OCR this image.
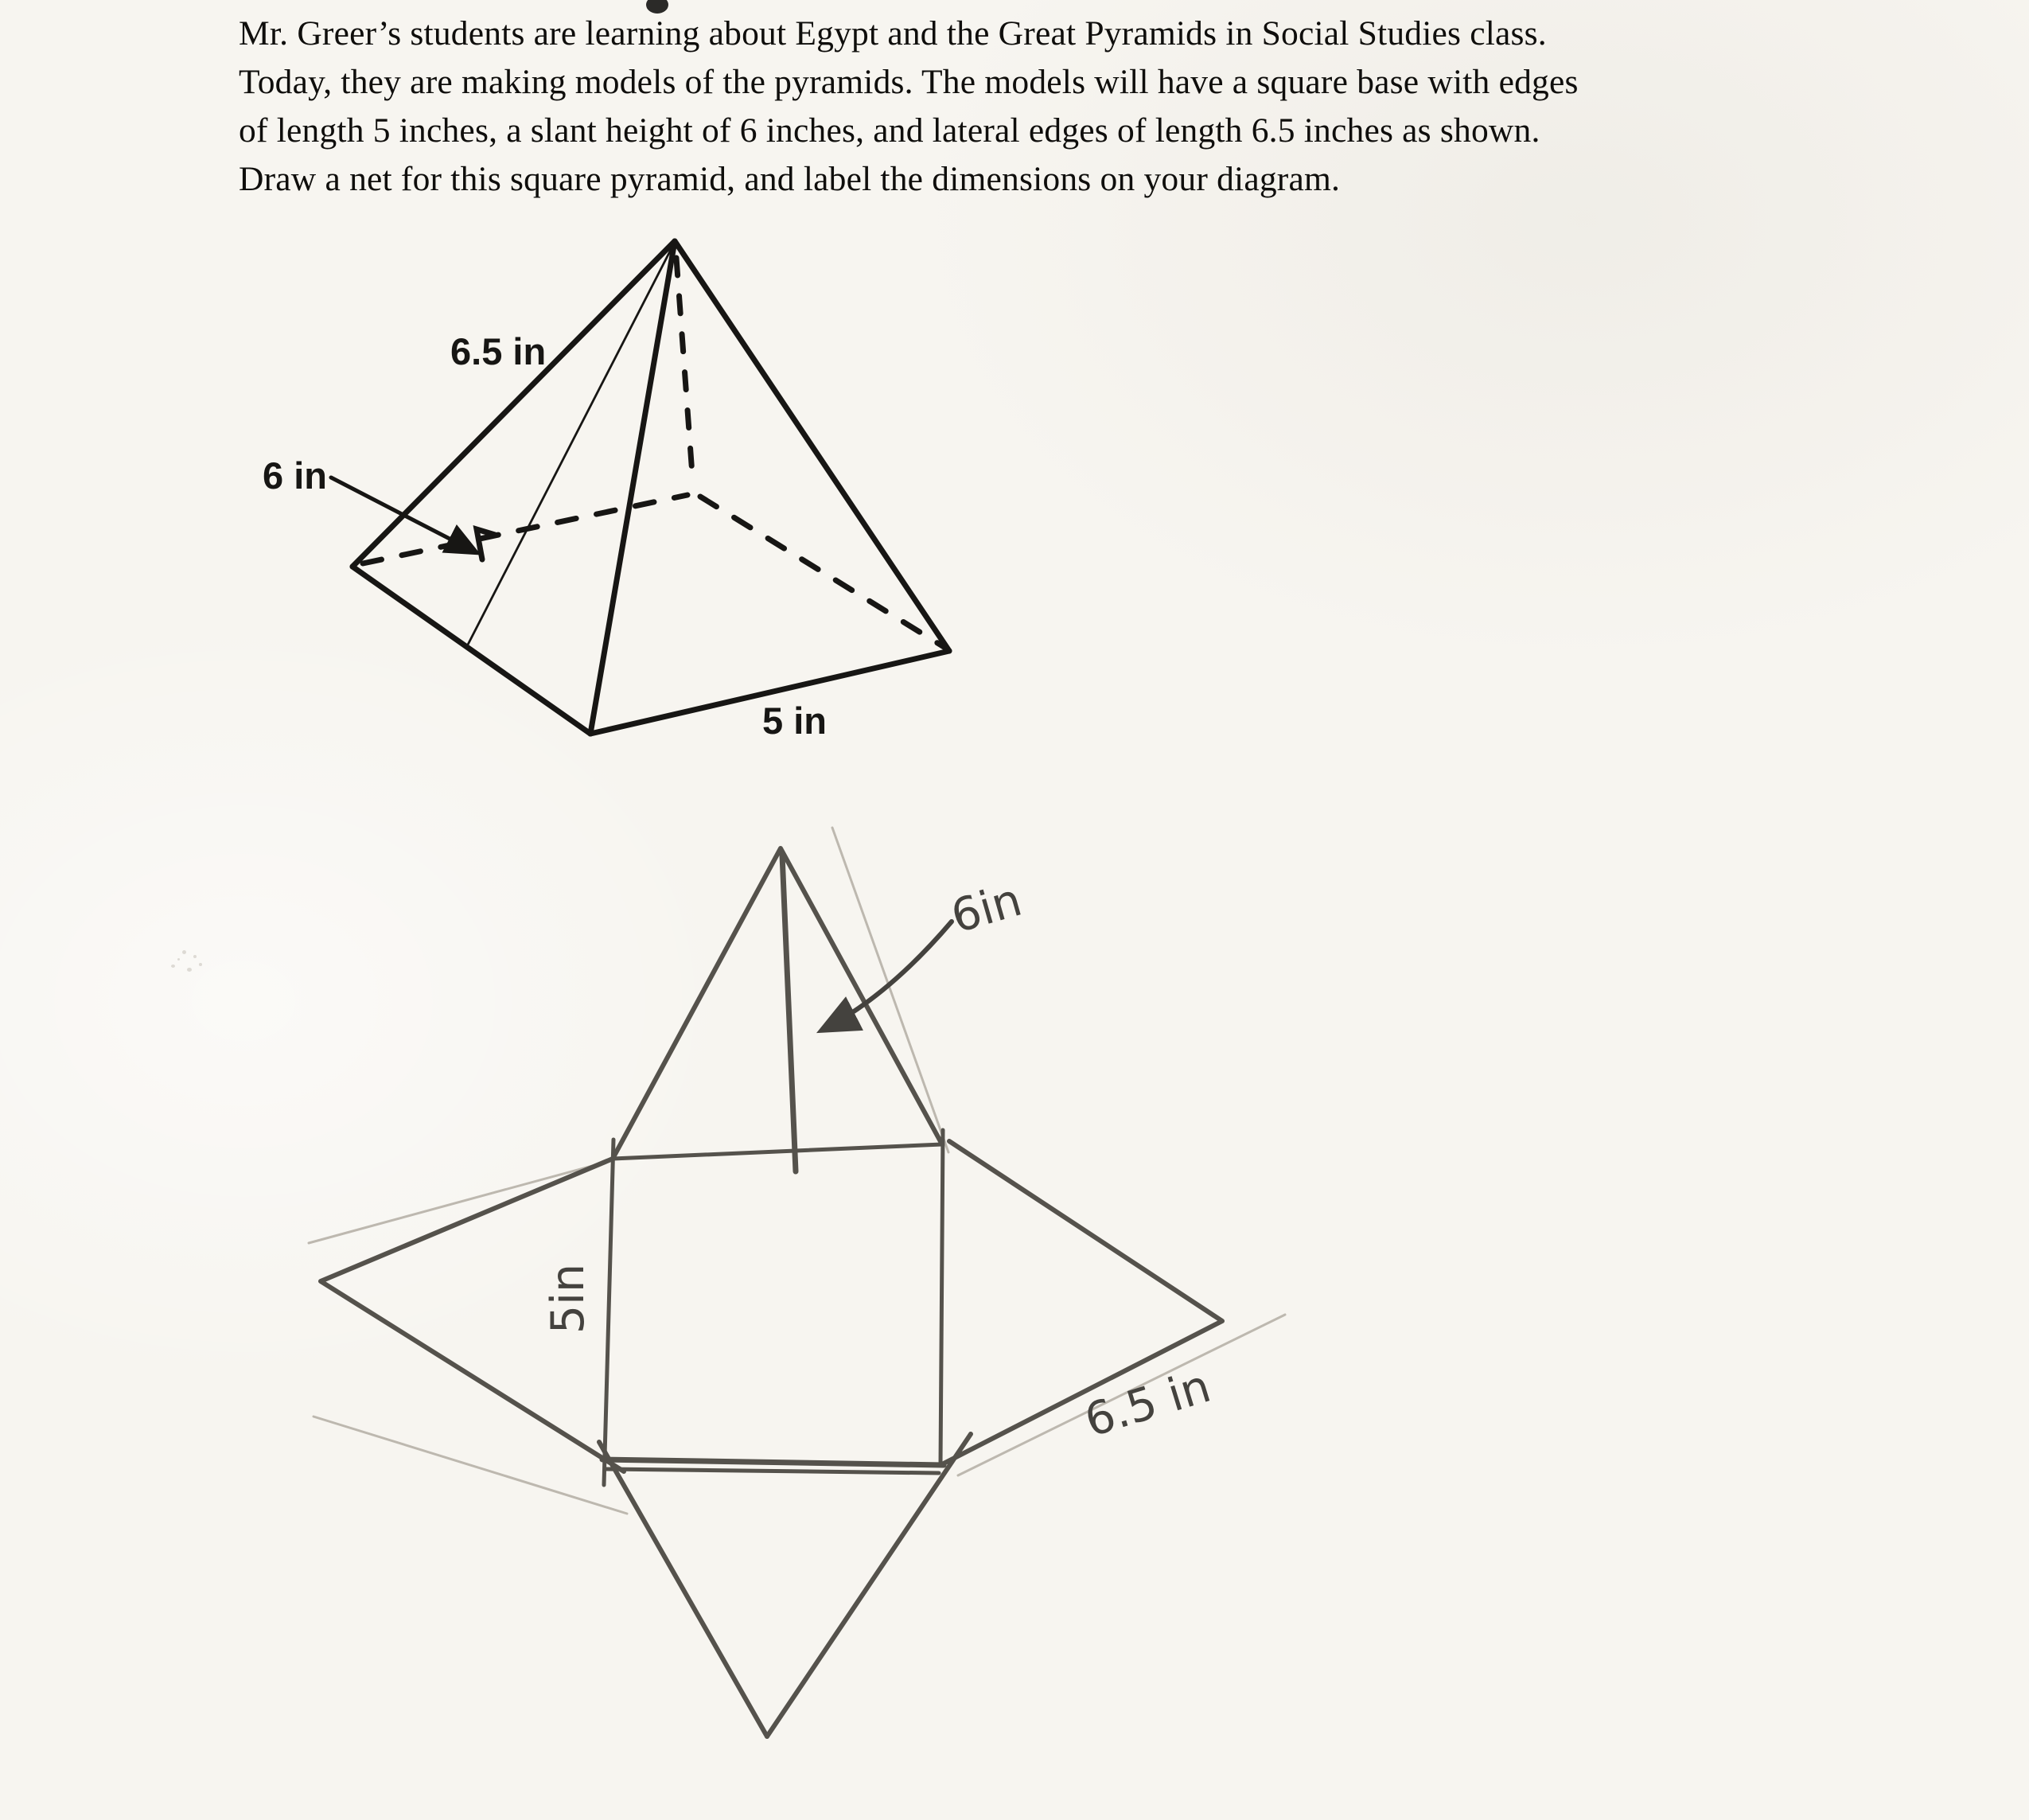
Mr. Greer’s students are learning about Egypt and the Great Pyramids in Social Studies class.
Today, they are making models of the pyramids. The models will have a square base with edges
of length 5 inches, a slant height of 6 inches, and lateral edges of length 6.5 inches as shown.
Draw a net for this square pyramid, and label the dimensions on your diagram.
6.5 in
6 in
5 in
6in
5in
6.5 in
